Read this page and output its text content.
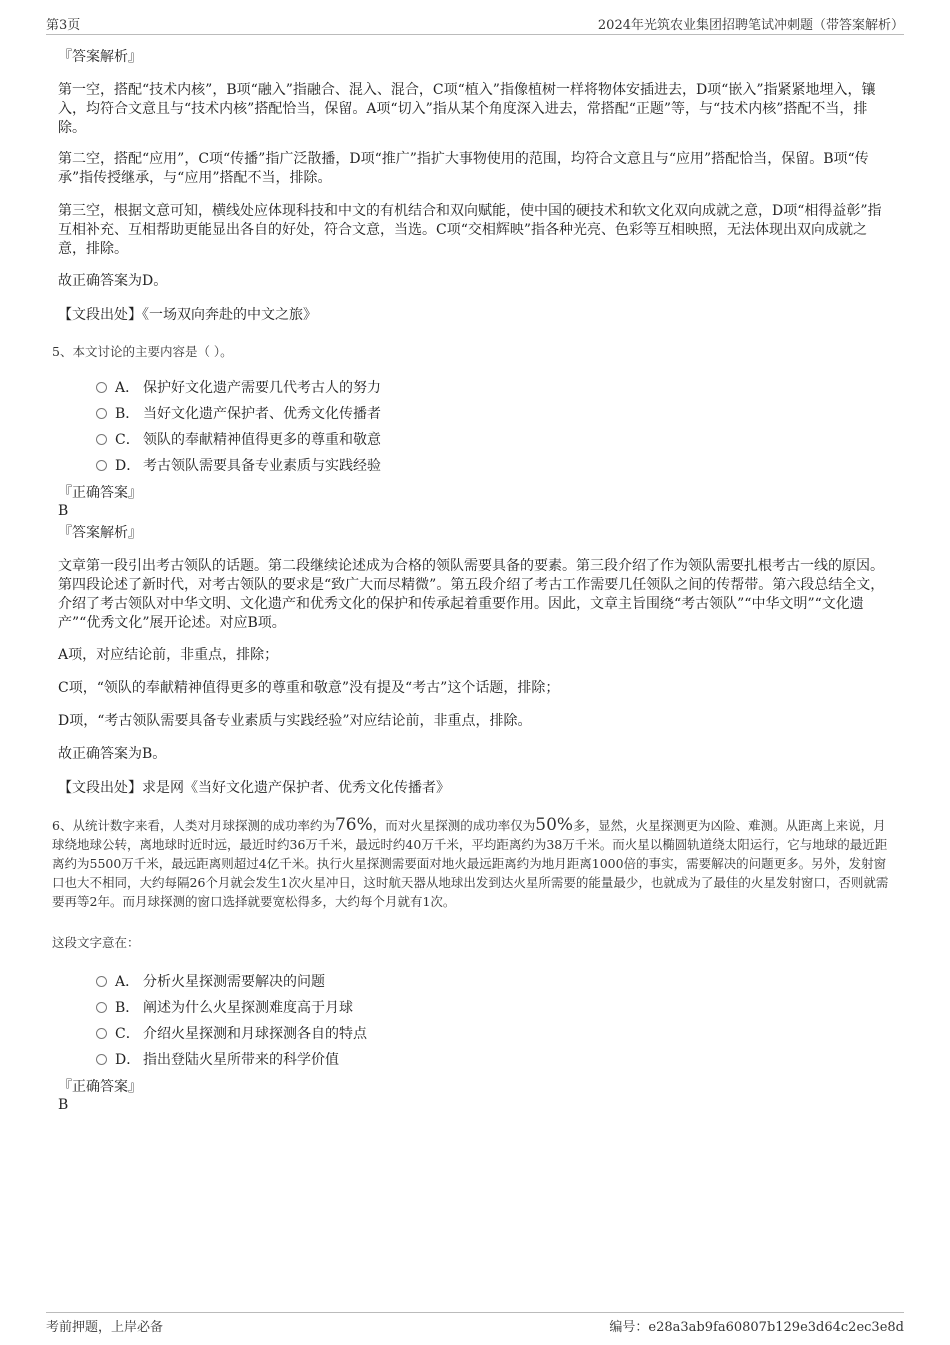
第3页	2024年光筑农业集团招聘笔试冲刺题（带答案解析）

『答案解析』

第一空，搭配“技术内核”，B项“融入”指融合、混入、混合，C项“植入”指像植树一样将物体安插进去，D项“嵌入”指紧紧地埋入，镶入，均符合文意且与“技术内核”搭配恰当，保留。A项“切入”指从某个角度深入进去，常搭配“正题”等，与“技术内核”搭配不当，排除。

第二空，搭配“应用”，C项“传播”指广泛散播，D项“推广”指扩大事物使用的范围，均符合文意且与“应用”搭配恰当，保留。B项“传承”指传授继承，与“应用”搭配不当，排除。

第三空，根据文意可知，横线处应体现科技和中文的有机结合和双向赋能，使中国的硬技术和软文化双向成就之意，D项“相得益彰”指互相补充、互相帮助更能显出各自的好处，符合文意，当选。C项“交相辉映”指各种光亮、色彩等互相映照，无法体现出双向成就之意，排除。

故正确答案为D。

【文段出处】《一场双向奔赴的中文之旅》

5、本文讨论的主要内容是（ ）。

A． 保护好文化遗产需要几代考古人的努力
B． 当好文化遗产保护者、优秀文化传播者
C． 领队的奉献精神值得更多的尊重和敬意
D． 考古领队需要具备专业素质与实践经验

『正确答案』

B

『答案解析』

文章第一段引出考古领队的话题。第二段继续论述成为合格的领队需要具备的要素。第三段介绍了作为领队需要扎根考古一线的原因。第四段论述了新时代，对考古领队的要求是“致广大而尽精微”。第五段介绍了考古工作需要几任领队之间的传帮带。第六段总结全文，介绍了考古领队对中华文明、文化遗产和优秀文化的保护和传承起着重要作用。因此，文章主旨围绕“考古领队”“中华文明”“文化遗产”“优秀文化”展开论述。对应B项。

A项，对应结论前，非重点，排除；

C项，“领队的奉献精神值得更多的尊重和敬意”没有提及“考古”这个话题，排除；

D项，“考古领队需要具备专业素质与实践经验”对应结论前，非重点，排除。

故正确答案为B。

【文段出处】求是网《当好文化遗产保护者、优秀文化传播者》

6、从统计数字来看，人类对月球探测的成功率约为76%，而对火星探测的成功率仅为50%多，显然，火星探测更为凶险、难测。从距离上来说，月球绕地球公转，离地球时近时远，最近时约36万千米，最远时约40万千米，平均距离约为38万千米。而火星以椭圆轨道绕太阳运行，它与地球的最近距离约为5500万千米，最远距离则超过4亿千米。执行火星探测需要面对地火最远距离约为地月距离1000倍的事实，需要解决的问题更多。另外，发射窗口也大不相同，大约每隔26个月就会发生1次火星冲日，这时航天器从地球出发到达火星所需要的能量最少，也就成为了最佳的火星发射窗口，否则就需要再等2年。而月球探测的窗口选择就要宽松得多，大约每个月就有1次。

这段文字意在：

A． 分析火星探测需要解决的问题
B． 阐述为什么火星探测难度高于月球
C． 介绍火星探测和月球探测各自的特点
D． 指出登陆火星所带来的科学价值

『正确答案』

B

考前押题，上岸必备	编号：e28a3ab9fa60807b129e3d64c2ec3e8d
